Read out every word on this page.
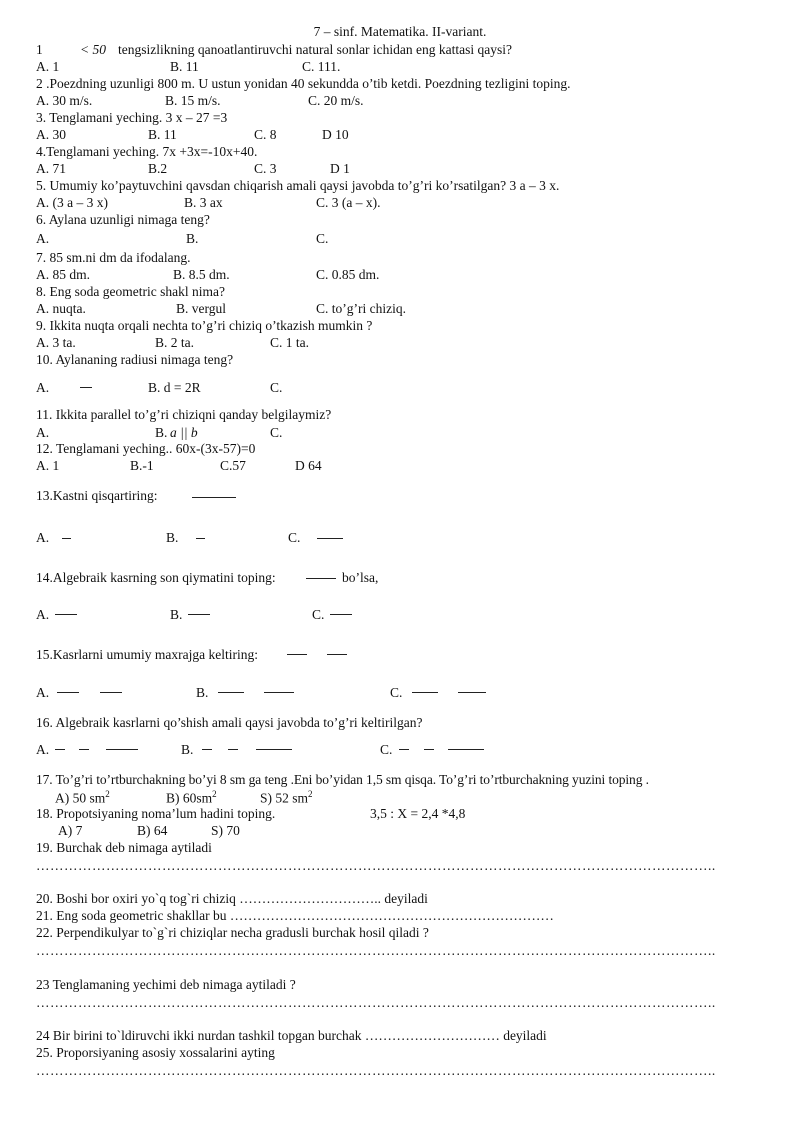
7 – sinf. Matematika. II-variant.
1	< 50 tengsizlikning qanoatlantiruvchi natural sonlar ichidan eng kattasi qaysi?
A. 1	B. 11	C. 111.
2 .Poezdning uzunligi 800 m. U ustun yonidan 40 sekundda o’tib ketdi. Poezdning tezligini toping.
A. 30 m/s.	B. 15 m/s.	C. 20 m/s.
3. Tenglamani yeching. 3 x – 27 =3
A. 30	B. 11	C. 8	D 10
4.Tenglamani yeching. 7x +3x=-10x+40.
A. 71	B.2	C. 3	D 1
5. Umumiy ko’paytuvchini qavsdan chiqarish amali qaysi javobda to’g’ri ko’rsatilgan? 3 a – 3 x.
A. (3 a – 3 x)	B. 3 ax	C. 3 (a – x).
6. Aylana uzunligi nimaga teng?
A.	B.	C.
7. 85 sm.ni dm da ifodalang.
A. 85 dm.	B. 8.5 dm.	C. 0.85 dm.
8. Eng soda geometric shakl nima?
A. nuqta.	B. vergul	C. to’g’ri chiziq.
9. Ikkita nuqta orqali nechta to’g’ri chiziq o’tkazish mumkin ?
A. 3 ta.	B. 2 ta.	C. 1 ta.
10. Aylananing radiusi nimaga teng?
A.	B. d = 2R	C.
11. Ikkita parallel to’g’ri chiziqni qanday belgilaymiz?
A.	B. a || b	C.
12. Tenglamani yeching.. 60x-(3x-57)=0
A. 1	B.-1	C.57	D 64
13.Kastni qisqartiring:
A.	B.	C.
14.Algebraik kasrning son qiymatini toping:	bo’lsa,
A.	B.	C.
15.Kasrlarni umumiy maxrajga keltiring:
A.	B.	C.
16. Algebraik kasrlarni qo’shish amali qaysi javobda to’g’ri keltirilgan?
A.	B.	C.
17. To’g’ri to’rtburchakning bo’yi 8 sm ga teng .Eni bo’yidan 1,5 sm qisqa. To’g’ri to’rtburchakning yuzini toping .
A) 50 $sm^2$	B) $60sm^2$	S) 52 $sm^2$
18. Propotsiyaning noma’lum hadini toping.	3,5 : X = 2,4 *4,8
A) 7	B) 64	S) 70
19. Burchak deb nimaga aytiladi
………………………………………………………………………………………………………………………………..
20. Boshi bor oxiri yo`q tog`ri chiziq ………………………….. deyiladi
21. Eng soda geometric shakllar bu ………………………………………………………………
22. Perpendikulyar to`g`ri chiziqlar necha gradusli burchak hosil qiladi ?
………………………………………………………………………………………………………………………………..
23 Tenglamaning yechimi deb nimaga aytiladi ?
………………………………………………………………………………………………………………………………..
24 Bir birini to`ldiruvchi ikki nurdan tashkil topgan burchak ………………………… deyiladi
25. Proporsiyaning asosiy xossalarini ayting
………………………………………………………………………………………………………………………………..
